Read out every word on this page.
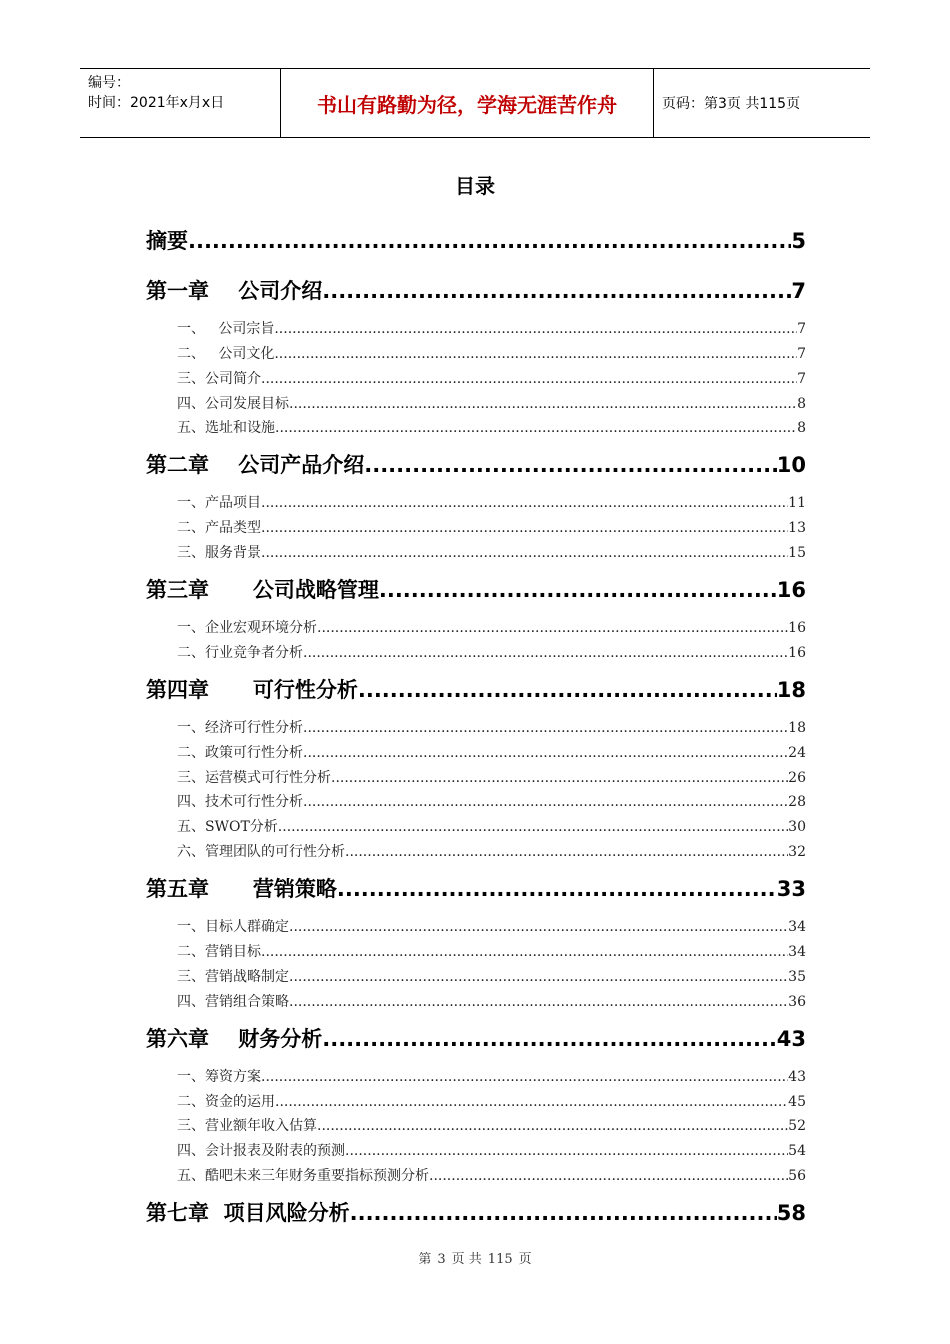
编号：
时间：2021年x月x日	书山有路勤为径，学海无涯苦作舟	页码：第3页 共115页
目录
摘要 .....	5
第一章    公司介绍 .....	7
一、   公司宗旨 .....	7
二、   公司文化 .....	7
三、公司简介 .....	7
四、公司发展目标 .....	8
五、选址和设施 .....	8
第二章    公司产品介绍 .....	10
一、产品项目 .....	11
二、产品类型 .....	13
三、服务背景 .....	15
第三章      公司战略管理 .....	16
一、企业宏观环境分析 .....	16
二、行业竞争者分析 .....	16
第四章      可行性分析 .....	18
一、经济可行性分析 .....	18
二、政策可行性分析 .....	24
三、运营模式可行性分析 .....	26
四、技术可行性分析 .....	28
五、SWOT分析 .....	30
六、管理团队的可行性分析 .....	32
第五章      营销策略 .....	33
一、目标人群确定 .....	34
二、营销目标 .....	34
三、营销战略制定 .....	35
四、营销组合策略 .....	36
第六章    财务分析 .....	43
一、筹资方案 .....	43
二、资金的运用 .....	45
三、营业额年收入估算 .....	52
四、会计报表及附表的预测 .....	54
五、酷吧未来三年财务重要指标预测分析 .....	56
第七章  项目风险分析 .....	58
第 3 页 共 115 页
